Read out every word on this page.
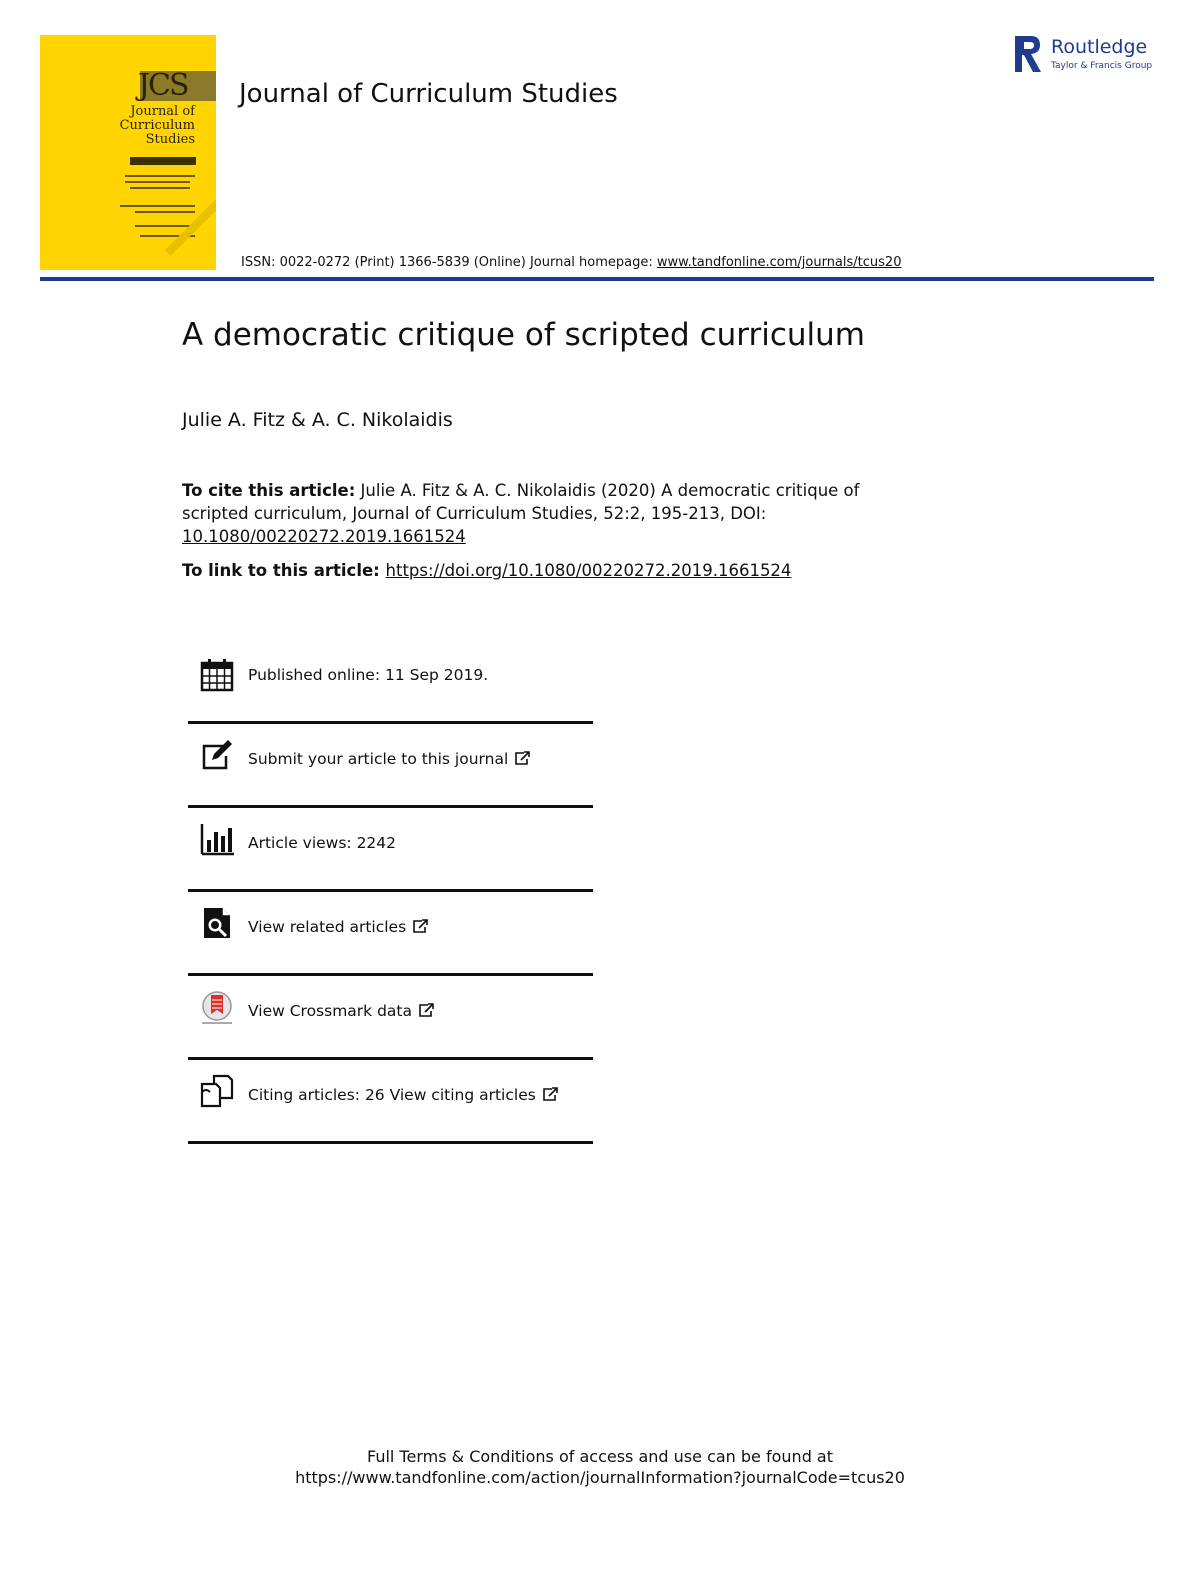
JCS
Journal of
Curriculum
Studies
Journal of Curriculum Studies
Routledge
Taylor & Francis Group
ISSN: 0022-0272 (Print) 1366-5839 (Online) Journal homepage: www.tandfonline.com/journals/tcus20
A democratic critique of scripted curriculum
Julie A. Fitz & A. C. Nikolaidis
To cite this article: Julie A. Fitz & A. C. Nikolaidis (2020) A democratic critique of scripted curriculum, Journal of Curriculum Studies, 52:2, 195-213, DOI: 10.1080/00220272.2019.1661524
To link to this article: https://doi.org/10.1080/00220272.2019.1661524
Published online: 11 Sep 2019.
Submit your article to this journal
Article views: 2242
View related articles
View Crossmark data
Citing articles: 26 View citing articles
Full Terms & Conditions of access and use can be found at
https://www.tandfonline.com/action/journalInformation?journalCode=tcus20
